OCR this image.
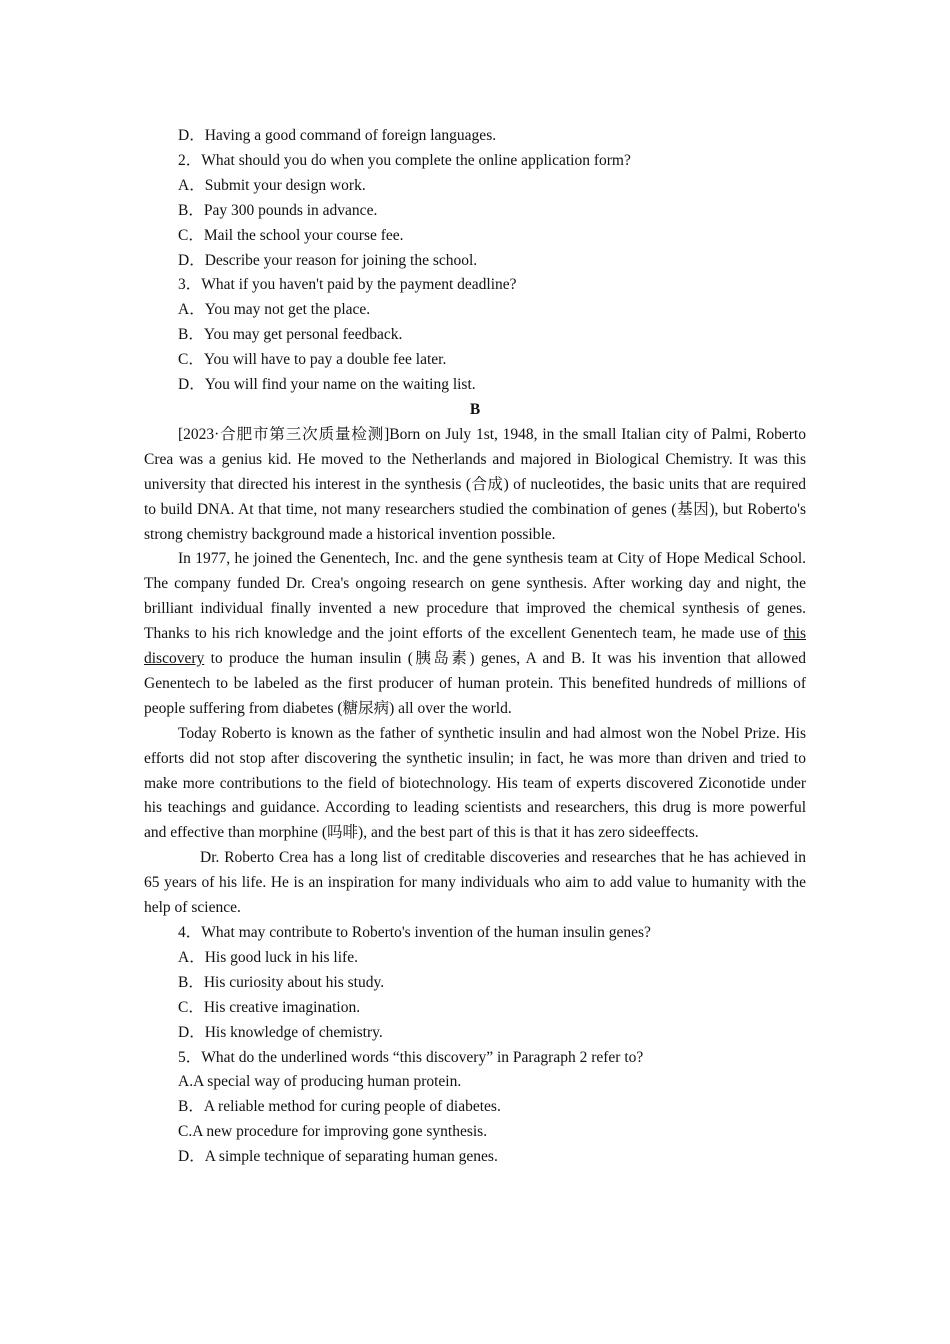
D．Having a good command of foreign languages.

2．What should you do when you complete the online application form?

A．Submit your design work.

B．Pay 300 pounds in advance.

C．Mail the school your course fee.

D．Describe your reason for joining the school.

3．What if you haven't paid by the payment deadline?

A．You may not get the place.

B．You may get personal feedback.

C．You will have to pay a double fee later.

D．You will find your name on the waiting list.

B

[2023·合肥市第三次质量检测]Born on July 1st, 1948, in the small Italian city of Palmi, Roberto Crea was a genius kid. He moved to the Netherlands and majored in Biological Chemistry. It was this university that directed his interest in the synthesis (合成) of nucleotides, the basic units that are required to build DNA. At that time, not many researchers studied the combination of genes (基因), but Roberto's strong chemistry background made a historical invention possible.

In 1977, he joined the Genentech, Inc. and the gene synthesis team at City of Hope Medical School. The company funded Dr. Crea's ongoing research on gene synthesis. After working day and night, the brilliant individual finally invented a new procedure that improved the chemical synthesis of genes. Thanks to his rich knowledge and the joint efforts of the excellent Genentech team, he made use of this discovery to produce the human insulin (胰岛素) genes, A and B. It was his invention that allowed Genentech to be labeled as the first producer of human protein. This benefited hundreds of millions of people suffering from diabetes (糖尿病) all over the world.

Today Roberto is known as the father of synthetic insulin and had almost won the Nobel Prize. His efforts did not stop after discovering the synthetic insulin; in fact, he was more than driven and tried to make more contributions to the field of biotechnology. His team of experts discovered Ziconotide under his teachings and guidance. According to leading scientists and researchers, this drug is more powerful and effective than morphine (吗啡), and the best part of this is that it has zero sideeffects.

Dr. Roberto Crea has a long list of creditable discoveries and researches that he has achieved in 65 years of his life. He is an inspiration for many individuals who aim to add value to humanity with the help of science.

4．What may contribute to Roberto's invention of the human insulin genes?

A．His good luck in his life.

B．His curiosity about his study.

C．His creative imagination.

D．His knowledge of chemistry.

5．What do the underlined words “this discovery” in Paragraph 2 refer to?

A.A special way of producing human protein.

B．A reliable method for curing people of diabetes.

C.A new procedure for improving gone synthesis.

D．A simple technique of separating human genes.
